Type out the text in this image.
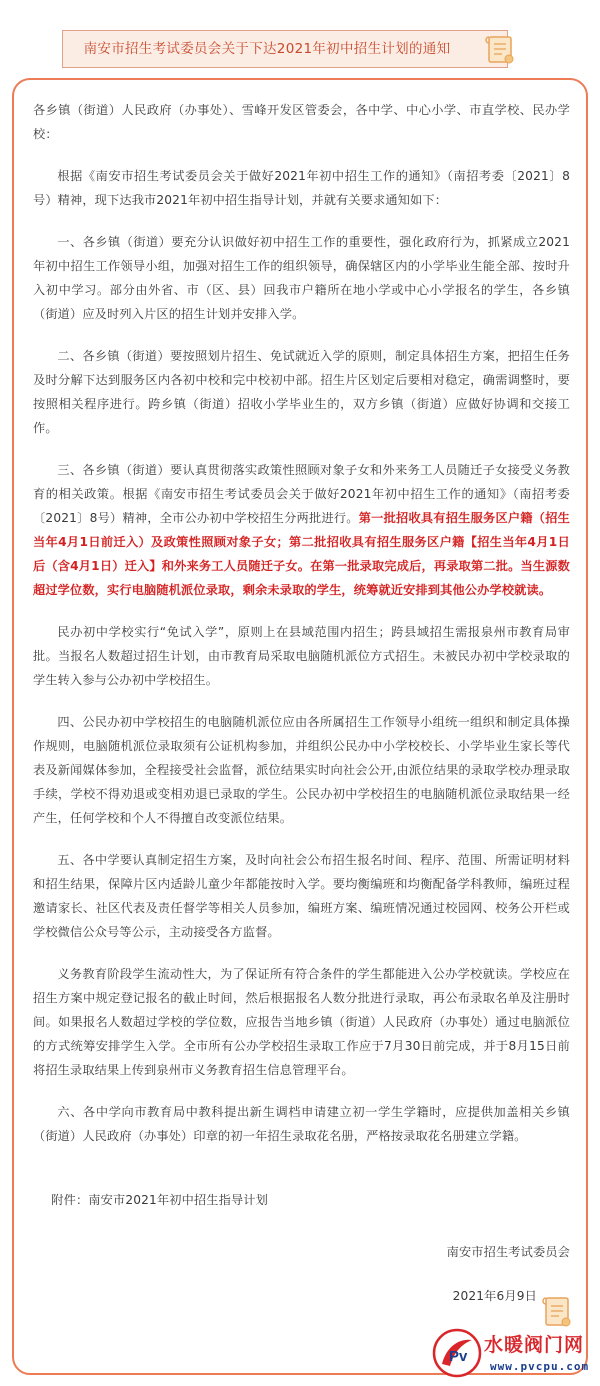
南安市招生考试委员会关于下达2021年初中招生计划的通知

各乡镇（街道）人民政府（办事处）、雪峰开发区管委会，各中学、中心小学、市直学校、民办学校：

根据《南安市招生考试委员会关于做好2021年初中招生工作的通知》（南招考委〔2021〕8号）精神，现下达我市2021年初中招生指导计划，并就有关要求通知如下：

一、各乡镇（街道）要充分认识做好初中招生工作的重要性，强化政府行为，抓紧成立2021年初中招生工作领导小组，加强对招生工作的组织领导，确保辖区内的小学毕业生能全部、按时升入初中学习。部分由外省、市（区、县）回我市户籍所在地小学或中心小学报名的学生，各乡镇（街道）应及时列入片区的招生计划并安排入学。

二、各乡镇（街道）要按照划片招生、免试就近入学的原则，制定具体招生方案，把招生任务及时分解下达到服务区内各初中校和完中校初中部。招生片区划定后要相对稳定，确需调整时，要按照相关程序进行。跨乡镇（街道）招收小学毕业生的，双方乡镇（街道）应做好协调和交接工作。

三、各乡镇（街道）要认真贯彻落实政策性照顾对象子女和外来务工人员随迁子女接受义务教育的相关政策。根据《南安市招生考试委员会关于做好2021年初中招生工作的通知》（南招考委〔2021〕8号）精神，全市公办初中学校招生分两批进行。第一批招收具有招生服务区户籍（招生当年4月1日前迁入）及政策性照顾对象子女；第二批招收具有招生服务区户籍【招生当年4月1日后（含4月1日）迁入】和外来务工人员随迁子女。在第一批录取完成后，再录取第二批。当生源数超过学位数，实行电脑随机派位录取，剩余未录取的学生，统筹就近安排到其他公办学校就读。

民办初中学校实行“免试入学”，原则上在县域范围内招生；跨县域招生需报泉州市教育局审批。当报名人数超过招生计划，由市教育局采取电脑随机派位方式招生。未被民办初中学校录取的学生转入参与公办初中学校招生。

四、公民办初中学校招生的电脑随机派位应由各所属招生工作领导小组统一组织和制定具体操作规则，电脑随机派位录取须有公证机构参加，并组织公民办中小学校校长、小学毕业生家长等代表及新闻媒体参加，全程接受社会监督，派位结果实时向社会公开,由派位结果的录取学校办理录取手续，学校不得劝退或变相劝退已录取的学生。公民办初中学校招生的电脑随机派位录取结果一经产生，任何学校和个人不得擅自改变派位结果。

五、各中学要认真制定招生方案，及时向社会公布招生报名时间、程序、范围、所需证明材料和招生结果，保障片区内适龄儿童少年都能按时入学。要均衡编班和均衡配备学科教师，编班过程邀请家长、社区代表及责任督学等相关人员参加，编班方案、编班情况通过校园网、校务公开栏或学校微信公众号等公示，主动接受各方监督。

义务教育阶段学生流动性大，为了保证所有符合条件的学生都能进入公办学校就读。学校应在招生方案中规定登记报名的截止时间，然后根据报名人数分批进行录取，再公布录取名单及注册时间。如果报名人数超过学校的学位数，应报告当地乡镇（街道）人民政府（办事处）通过电脑派位的方式统筹安排学生入学。全市所有公办学校招生录取工作应于7月30日前完成，并于8月15日前将招生录取结果上传到泉州市义务教育招生信息管理平台。

六、各中学向市教育局中教科提出新生调档申请建立初一学生学籍时，应提供加盖相关乡镇（街道）人民政府（办事处）印章的初一年招生录取花名册，严格按录取花名册建立学籍。

附件：南安市2021年初中招生指导计划

南安市招生考试委员会

2021年6月9日

Pv
水暖阀门网
www.pvcpu.com
